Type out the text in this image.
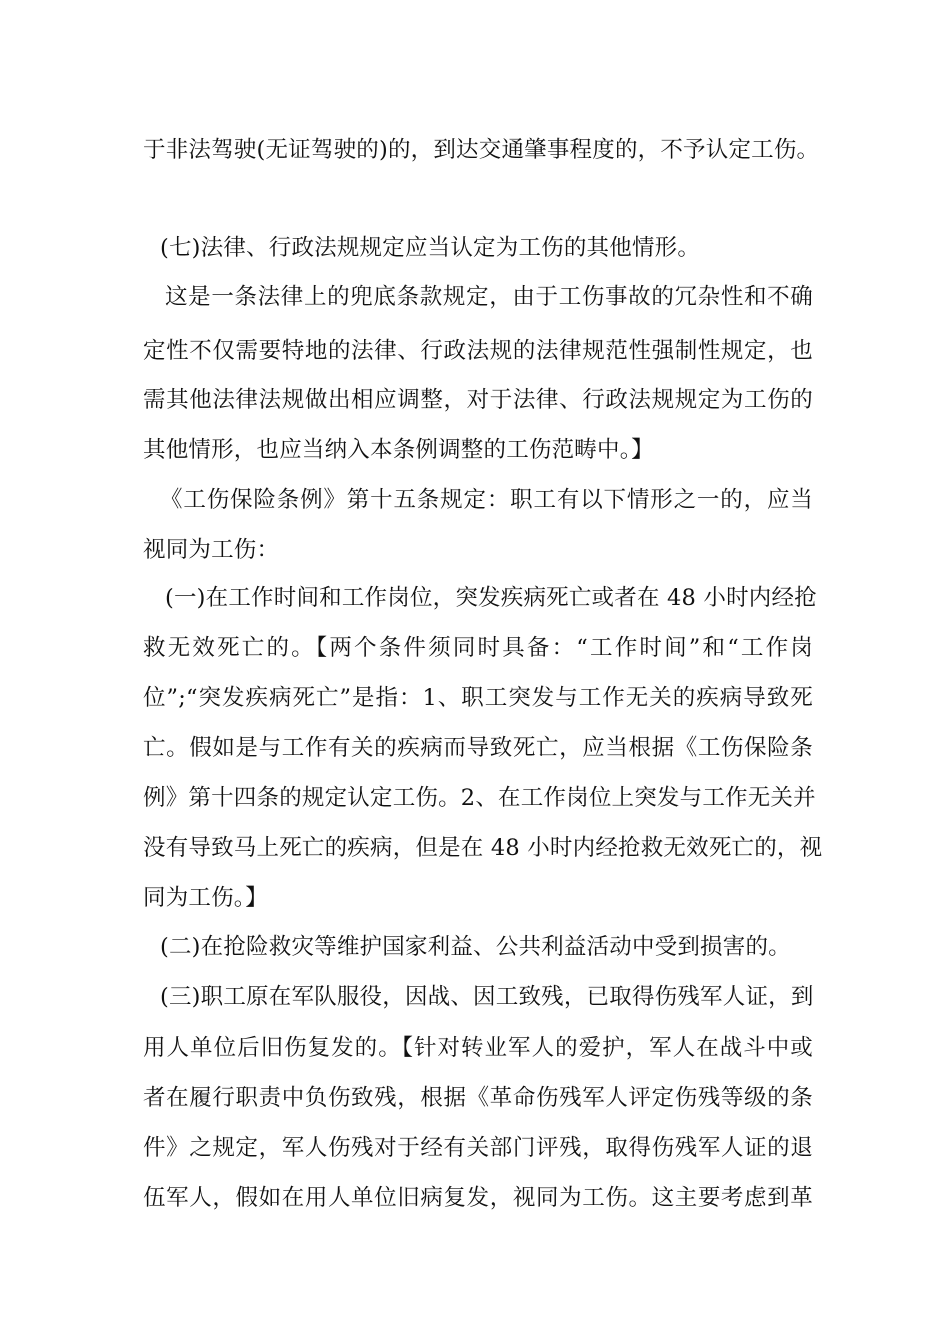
于非法驾驶(无证驾驶的)的，到达交通肇事程度的，不予认定工伤。
(七)法律、行政法规规定应当认定为工伤的其他情形。
这是一条法律上的兜底条款规定，由于工伤事故的冗杂性和不确
定性不仅需要特地的法律、行政法规的法律规范性强制性规定，也
需其他法律法规做出相应调整，对于法律、行政法规规定为工伤的
其他情形，也应当纳入本条例调整的工伤范畴中。】
《工伤保险条例》第十五条规定：职工有以下情形之一的，应当
视同为工伤：
(一)在工作时间和工作岗位，突发疾病死亡或者在 48 小时内经抢
救无效死亡的。【两个条件须同时具备：“工作时间”和“工作岗
位”;“突发疾病死亡”是指：1、职工突发与工作无关的疾病导致死
亡。假如是与工作有关的疾病而导致死亡，应当根据《工伤保险条
例》第十四条的规定认定工伤。2、在工作岗位上突发与工作无关并
没有导致马上死亡的疾病，但是在 48 小时内经抢救无效死亡的，视
同为工伤。】
(二)在抢险救灾等维护国家利益、公共利益活动中受到损害的。
(三)职工原在军队服役，因战、因工致残，已取得伤残军人证，到
用人单位后旧伤复发的。【针对转业军人的爱护，军人在战斗中或
者在履行职责中负伤致残，根据《革命伤残军人评定伤残等级的条
件》之规定，军人伤残对于经有关部门评残，取得伤残军人证的退
伍军人，假如在用人单位旧病复发，视同为工伤。这主要考虑到革
